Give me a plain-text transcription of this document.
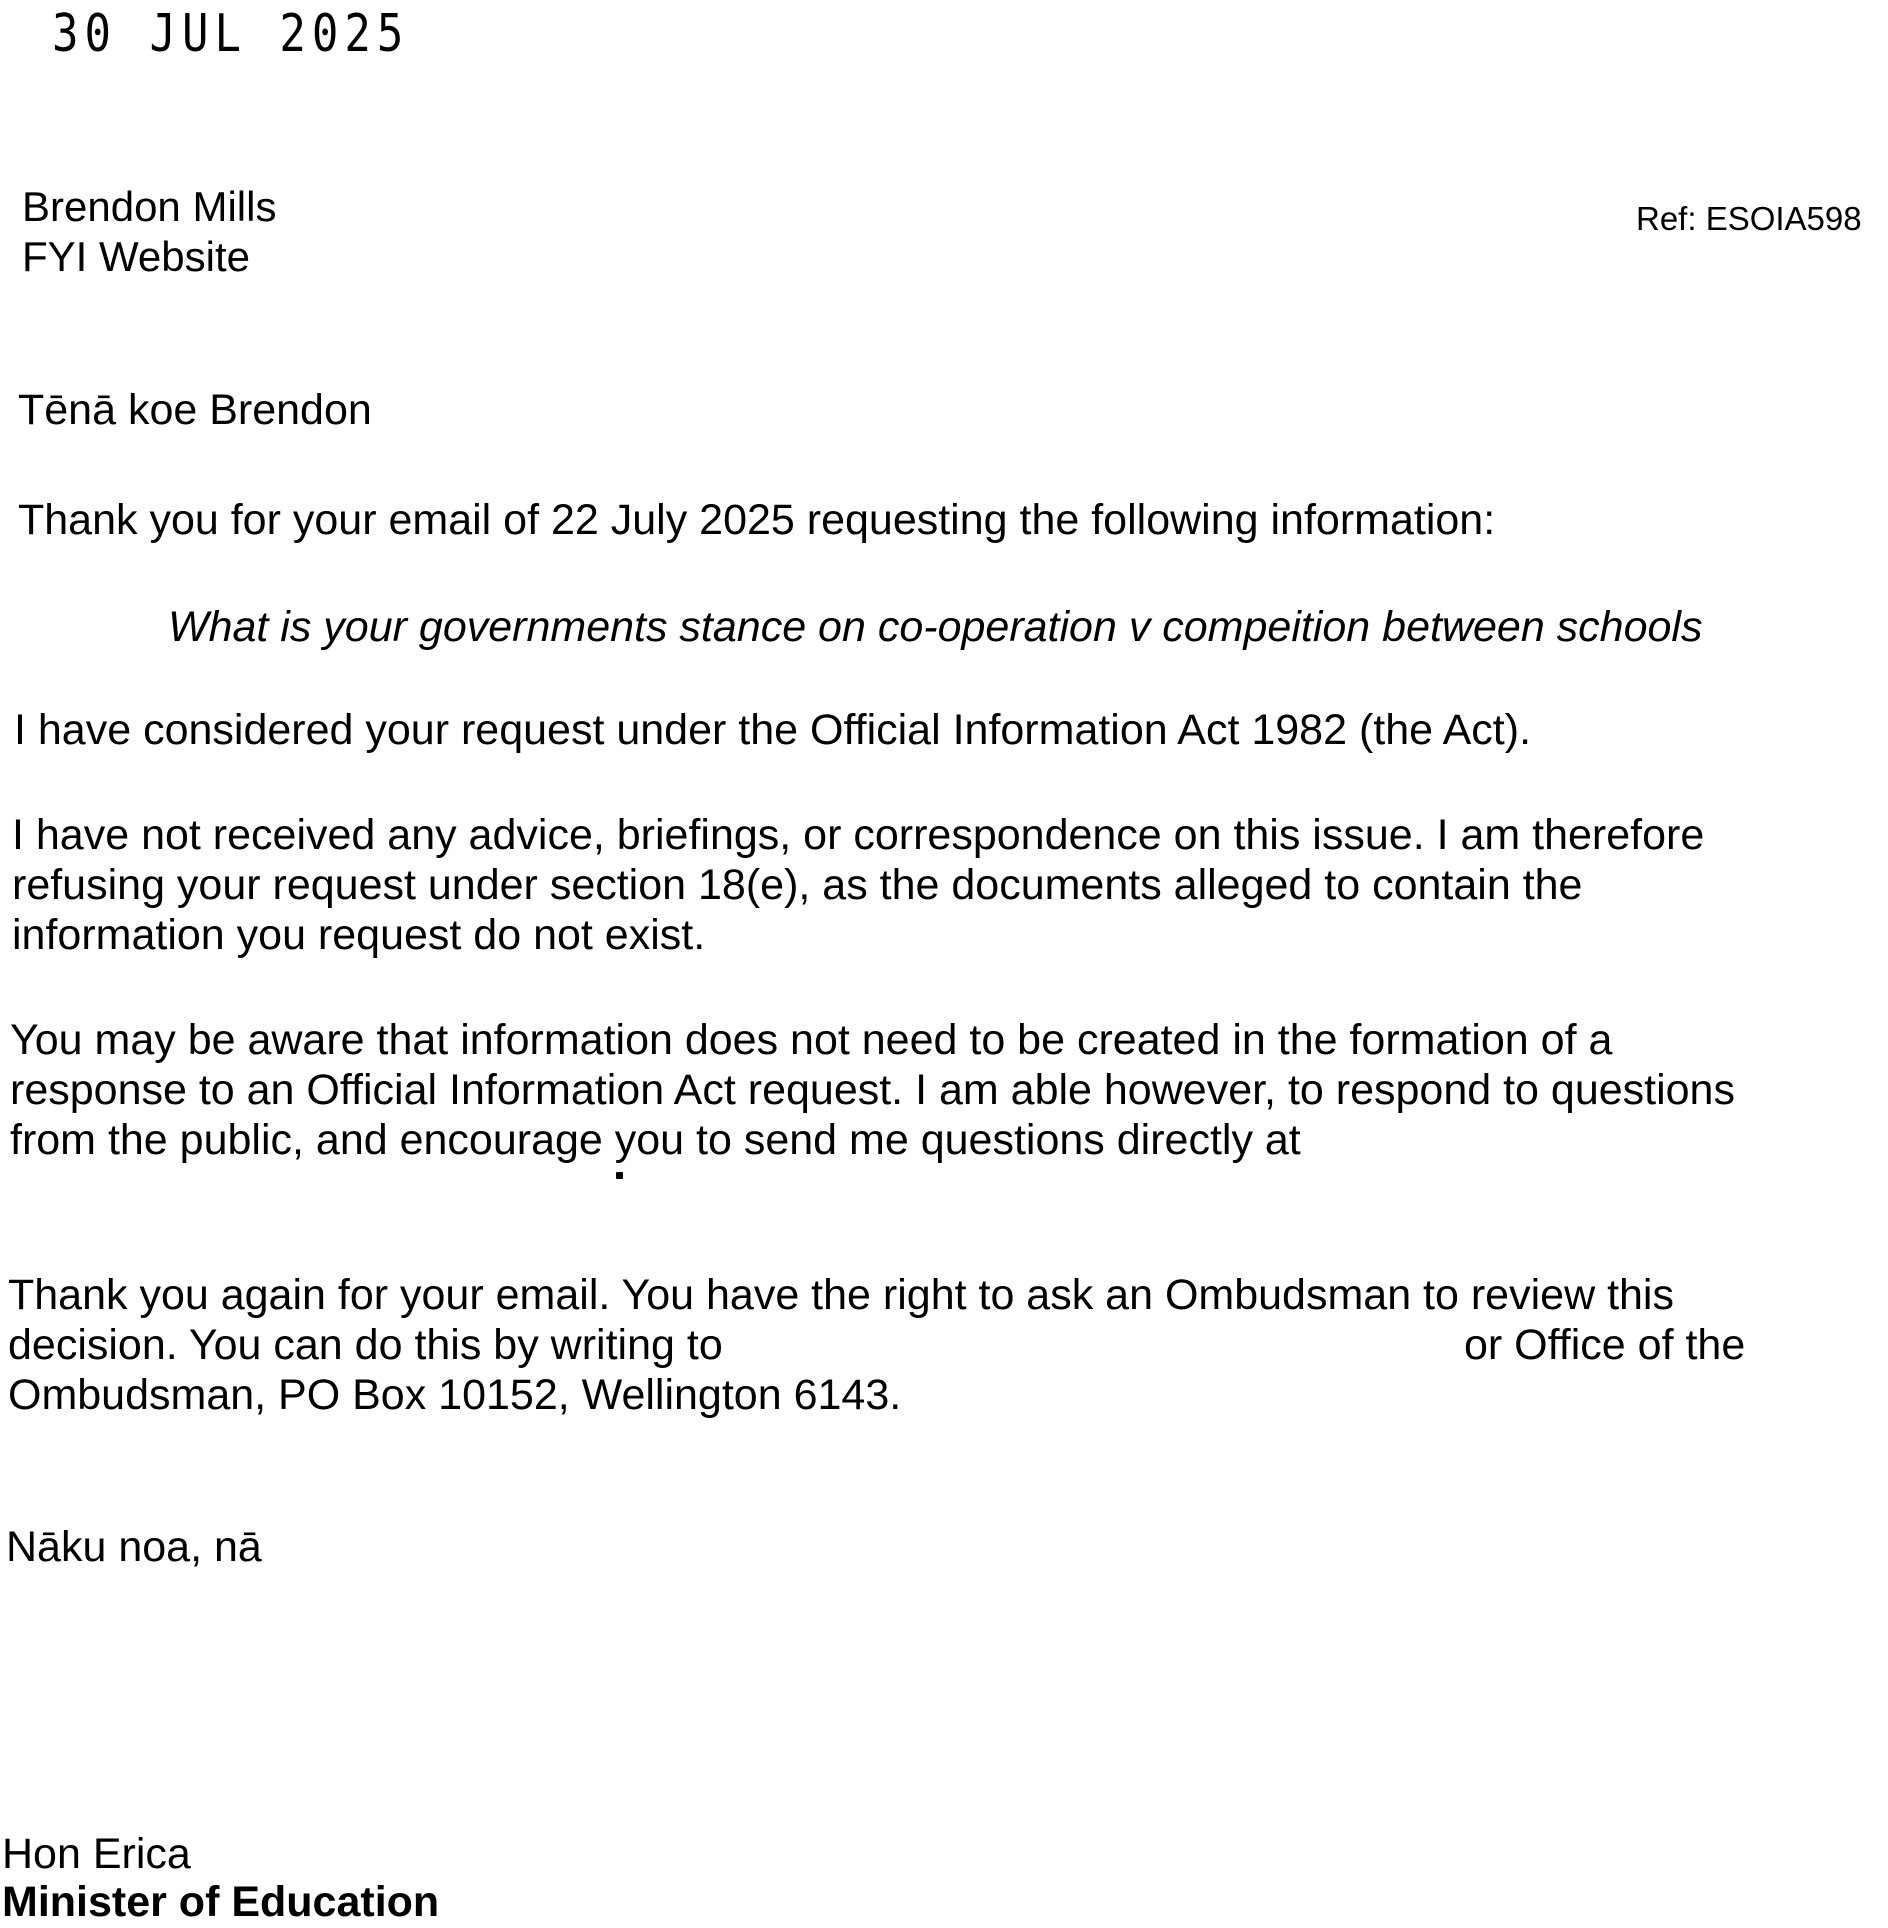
30 JUL 2025
Brendon Mills
FYI Website
Ref: ESOIA598
Tēnā koe Brendon
Thank you for your email of 22 July 2025 requesting the following information:
What is your governments stance on co-operation v compeition between schools
I have considered your request under the Official Information Act 1982 (the Act).
I have not received any advice, briefings, or correspondence on this issue. I am therefore
refusing your request under section 18(e), as the documents alleged to contain the
information you request do not exist.
You may be aware that information does not need to be created in the formation of a
response to an Official Information Act request. I am able however, to respond to questions
from the public, and encourage you to send me questions directly at
Thank you again for your email. You have the right to ask an Ombudsman to review this
decision. You can do this by writing to	or Office of the
Ombudsman, PO Box 10152, Wellington 6143.
Nāku noa, nā
Hon Erica
Minister of Education
